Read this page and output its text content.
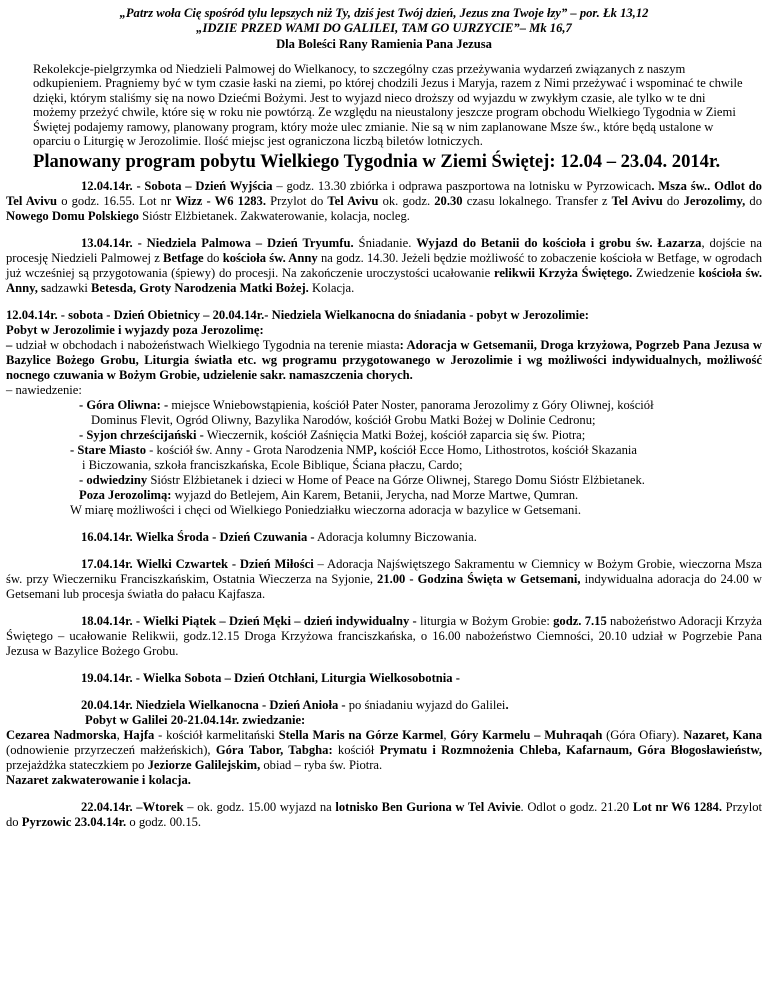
„Patrz woła Cię spośród tylu lepszych niż Ty, dziś jest Twój dzień, Jezus zna Twoje łzy” – por. Łk 13,12
„IDZIE PRZED WAMI DO GALILEI, TAM GO UJRZYCIE”– Mk 16,7
Dla Boleści Rany Ramienia Pana Jezusa

Rekolekcje-pielgrzymka od Niedzieli Palmowej do Wielkanocy, to szczególny czas przeżywania wydarzeń związanych z naszym odkupieniem. Pragniemy być w tym czasie łaski na ziemi, po której chodzili Jezus i Maryja, razem z Nimi przeżywać i wspominać te chwile dzięki, którym staliśmy się na nowo Dziećmi Bożymi. Jest to wyjazd nieco droższy od wyjazdu w zwykłym czasie, ale tylko w te dni możemy przeżyć chwile, które się w roku nie powtórzą. Ze względu na nieustalony jeszcze program obchodu Wielkiego Tygodnia w Ziemi Świętej podajemy ramowy, planowany program, który może ulec zmianie. Nie są w nim zaplanowane Msze św., które będą ustalone w oparciu o Liturgię w Jerozolimie. Ilość miejsc jest ograniczona liczbą biletów lotniczych.

Planowany program pobytu Wielkiego Tygodnia w Ziemi Świętej: 12.04 – 23.04. 2014r.

12.04.14r. - Sobota – Dzień Wyjścia – godz. 13.30 zbiórka i odprawa paszportowa na lotnisku w Pyrzowicach. Msza św.. Odlot do Tel Avivu o godz. 16.55. Lot nr Wizz - W6 1283. Przylot do Tel Avivu ok. godz. 20.30 czasu lokalnego. Transfer z Tel Avivu do Jerozolimy, do Nowego Domu Polskiego Sióstr Elżbietanek. Zakwaterowanie, kolacja, nocleg.

13.04.14r. - Niedziela Palmowa – Dzień Tryumfu. Śniadanie. Wyjazd do Betanii do kościoła i grobu św. Łazarza, dojście na procesję Niedzieli Palmowej z Betfage do kościoła św. Anny na godz. 14.30. Jeżeli będzie możliwość to zobaczenie kościoła w Betfage, w ogrodach już wcześniej są przygotowania (śpiewy) do procesji. Na zakończenie uroczystości ucałowanie relikwii Krzyża Świętego. Zwiedzenie kościoła św. Anny, sadzawki Betesda, Groty Narodzenia Matki Bożej. Kolacja.

12.04.14r. - sobota - Dzień Obietnicy – 20.04.14r.- Niedziela Wielkanocna do śniadania - pobyt w Jerozolimie:
Pobyt w Jerozolimie i wyjazdy poza Jerozolimę:
– udział w obchodach i nabożeństwach Wielkiego Tygodnia na terenie miasta: Adoracja w Getsemanii, Droga krzyżowa, Pogrzeb Pana Jezusa w Bazylice Bożego Grobu, Liturgia światła etc. wg programu przygotowanego w Jerozolimie i wg możliwości indywidualnych, możliwość nocnego czuwania w Bożym Grobie, udzielenie sakr. namaszczenia chorych.
– nawiedzenie:
- Góra Oliwna: - miejsce Wniebowstąpienia, kościół Pater Noster, panorama Jerozolimy z Góry Oliwnej, kościół
Dominus Flevit, Ogród Oliwny, Bazylika Narodów, kościół Grobu Matki Bożej w Dolinie Cedronu;
- Syjon chrześcijański - Wieczernik, kościół Zaśnięcia Matki Bożej, kościół zaparcia się św. Piotra;
- Stare Miasto - kościół św. Anny - Grota Narodzenia NMP, kościół Ecce Homo, Lithostrotos, kościół Skazania
i Biczowania, szkoła franciszkańska, Ecole Biblique, Ściana płaczu, Cardo;
- odwiedziny Sióstr Elżbietanek i dzieci w Home of Peace na Górze Oliwnej, Starego Domu Sióstr Elżbietanek.
Poza Jerozolimą: wyjazd do Betlejem, Ain Karem, Betanii, Jerycha, nad Morze Martwe, Qumran.
W miarę możliwości i chęci od Wielkiego Poniedziałku wieczorna adoracja w bazylice w Getsemani.

16.04.14r. Wielka Środa - Dzień Czuwania - Adoracja kolumny Biczowania.

17.04.14r. Wielki Czwartek - Dzień Miłości – Adoracja Najświętszego Sakramentu w Ciemnicy w Bożym Grobie, wieczorna Msza św. przy Wieczerniku Franciszkańskim, Ostatnia Wieczerza na Syjonie, 21.00 - Godzina Święta w Getsemani, indywidualna adoracja do 24.00 w Getsemani lub procesja światła do pałacu Kajfasza.

18.04.14r. - Wielki Piątek – Dzień Męki – dzień indywidualny - liturgia w Bożym Grobie: godz. 7.15 nabożeństwo Adoracji Krzyża Świętego – ucałowanie Relikwii, godz.12.15 Droga Krzyżowa franciszkańska, o 16.00 nabożeństwo Ciemności, 20.10 udział w Pogrzebie Pana Jezusa w Bazylice Bożego Grobu.

19.04.14r. - Wielka Sobota – Dzień Otchłani, Liturgia Wielkosobotnia -

20.04.14r. Niedziela Wielkanocna - Dzień Anioła - po śniadaniu wyjazd do Galilei.
Pobyt w Galilei 20-21.04.14r. zwiedzanie:
Cezarea Nadmorska, Hajfa - kościół karmelitański Stella Maris na Górze Karmel, Góry Karmelu – Muhraqah (Góra Ofiary). Nazaret, Kana (odnowienie przyrzeczeń małżeńskich), Góra Tabor, Tabgha: kościół Prymatu i Rozmnożenia Chleba, Kafarnaum, Góra Błogosławieństw, przejażdżka stateczkiem po Jeziorze Galilejskim, obiad – ryba św. Piotra.
Nazaret zakwaterowanie i kolacja.

22.04.14r. –Wtorek – ok. godz. 15.00 wyjazd na lotnisko Ben Guriona w Tel Avivie. Odlot o godz. 21.20 Lot nr W6 1284. Przylot do Pyrzowic 23.04.14r. o godz. 00.15.
